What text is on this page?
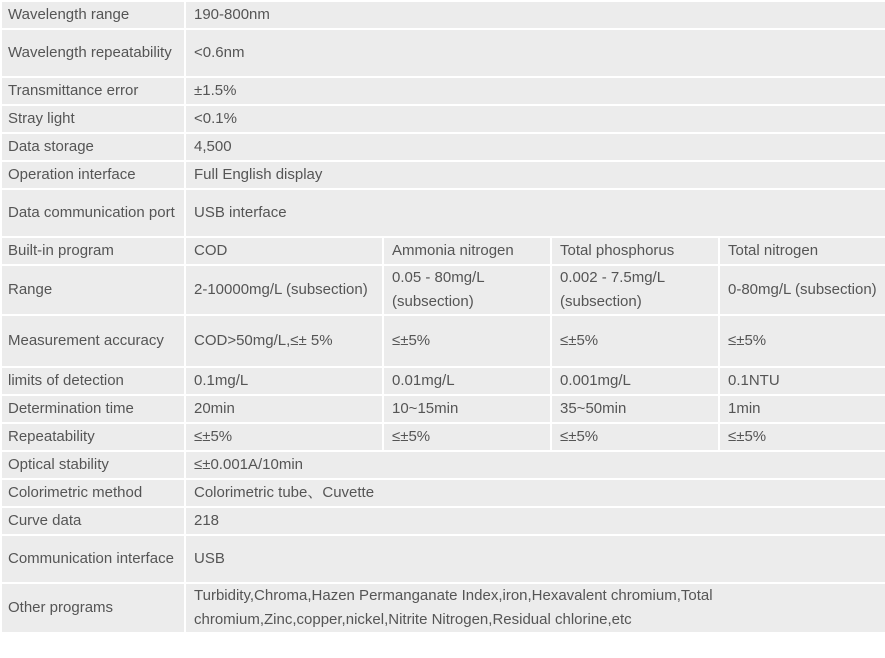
Wavelength range	190-800nm			
Wavelength repeatability	<0.6nm			
Transmittance error	±1.5%			
Stray light	<0.1%			
Data storage	4,500			
Operation interface	Full English display			
Data communication port	USB interface			
Built-in program	COD	Ammonia nitrogen	Total phosphorus	Total nitrogen
Range	2-10000mg/L (subsection)	0.05 - 80mg/L (subsection)	0.002 - 7.5mg/L (subsection)	0-80mg/L (subsection)
Measurement accuracy	COD>50mg/L,≤± 5%	≤±5%	≤±5%	≤±5%
limits of detection	0.1mg/L	0.01mg/L	0.001mg/L	0.1NTU
Determination time	20min	10~15min	35~50min	1min
Repeatability	≤±5%	≤±5%	≤±5%	≤±5%
Optical stability	≤±0.001A/10min			
Colorimetric method	Colorimetric tube、Cuvette			
Curve data	218			
Communication interface	USB			
Other programs	Turbidity,Chroma,Hazen Permanganate Index,iron,Hexavalent chromium,Total chromium,Zinc,copper,nickel,Nitrite Nitrogen,Residual chlorine,etc			
